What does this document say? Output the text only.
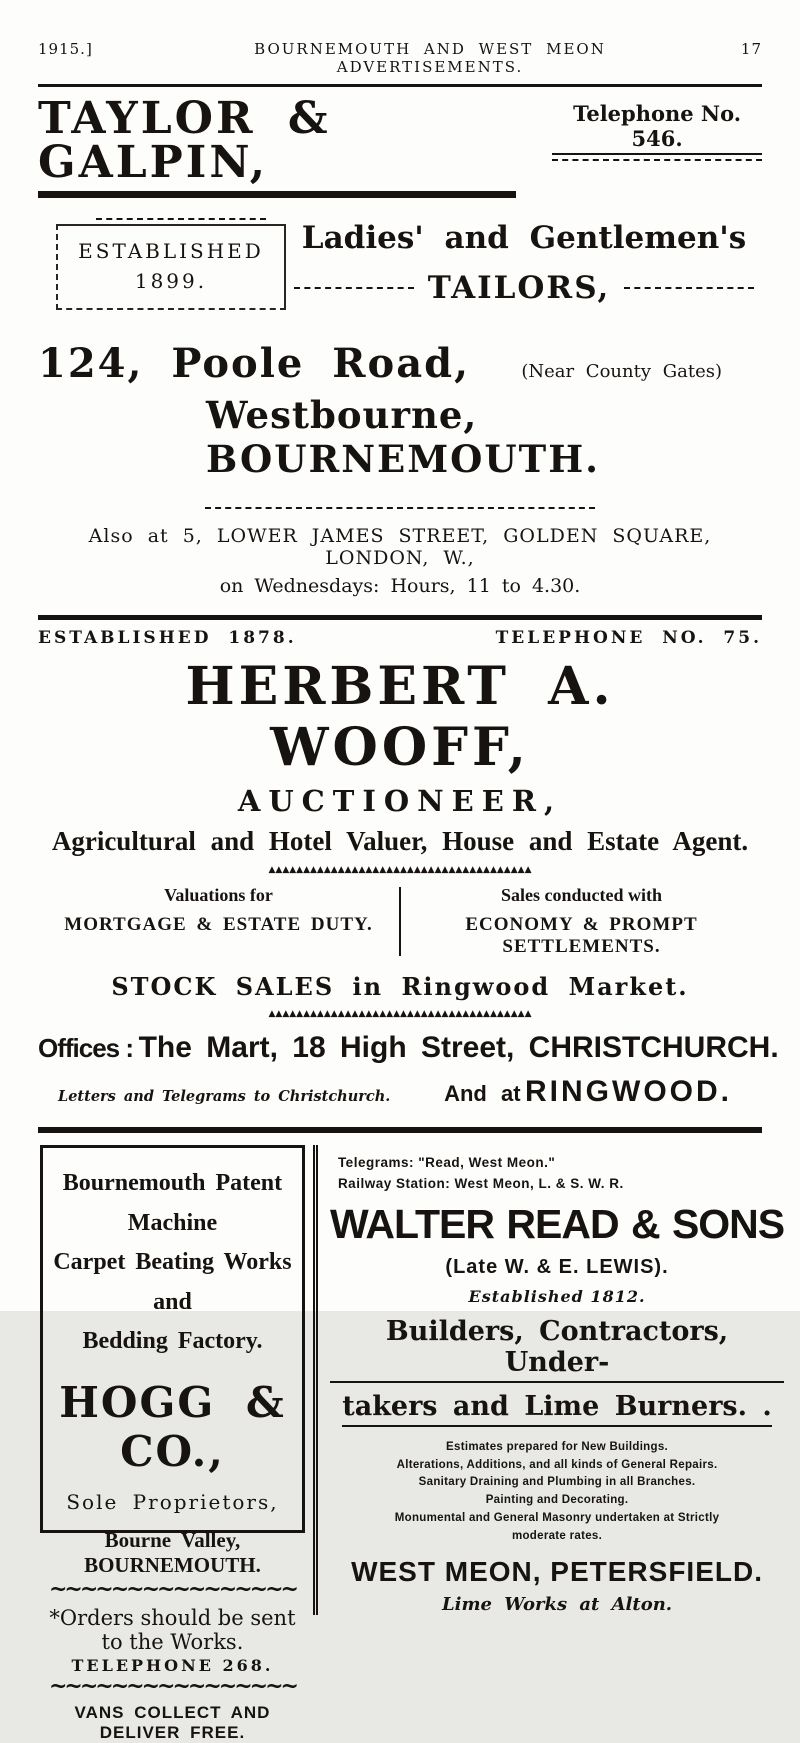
1915.]	BOURNEMOUTH AND WEST MEON ADVERTISEMENTS.
17
TAYLOR & GALPIN,
Telephone No. 546.
ESTABLISHED
1899.
Ladies' and Gentlemen's
TAILORS,
124, Poole Road,	(Near County Gates)
Westbourne, BOURNEMOUTH.
Also at 5, LOWER JAMES STREET, GOLDEN SQUARE, LONDON, W.,
on Wednesdays: Hours, 11 to 4.30.
ESTABLISHED 1878.	TELEPHONE NO. 75.
HERBERT A. WOOFF,
AUCTIONEER,
Agricultural and Hotel Valuer, House and Estate Agent.
▲▲▲▲▲▲▲▲▲▲▲▲▲▲▲▲▲▲▲▲▲▲▲▲▲▲▲▲▲▲▲▲▲▲▲▲▲▲
Valuations for
MORTGAGE & ESTATE DUTY.
Sales conducted with
ECONOMY & PROMPT SETTLEMENTS.
STOCK SALES in Ringwood Market.
▲▲▲▲▲▲▲▲▲▲▲▲▲▲▲▲▲▲▲▲▲▲▲▲▲▲▲▲▲▲▲▲▲▲▲▲▲▲
Offices : The Mart, 18 High Street, CHRISTCHURCH.
Letters and Telegrams to Christchurch. And at RINGWOOD.
Bournemouth Patent Machine
Carpet Beating Works and
Bedding Factory.
HOGG & CO.,
Sole Proprietors,
Bourne Valley, BOURNEMOUTH.
~~~~~~~~~~~~~~~~
*Orders should be sent to the Works.
TELEPHONE 268.
~~~~~~~~~~~~~~~~
VANS COLLECT AND DELIVER FREE.
Telegrams: "Read, West Meon."
Railway Station: West Meon, L. & S. W. R.
WALTER READ & SONS
(Late W. & E. LEWIS).
Established 1812.
Builders, Contractors, Under-
takers and Lime Burners. .
Estimates prepared for New Buildings.
Alterations, Additions, and all kinds of General Repairs.
Sanitary Draining and Plumbing in all Branches.
Painting and Decorating.
Monumental and General Masonry undertaken at Strictly
moderate rates.
WEST MEON, PETERSFIELD.
Lime Works at Alton.
